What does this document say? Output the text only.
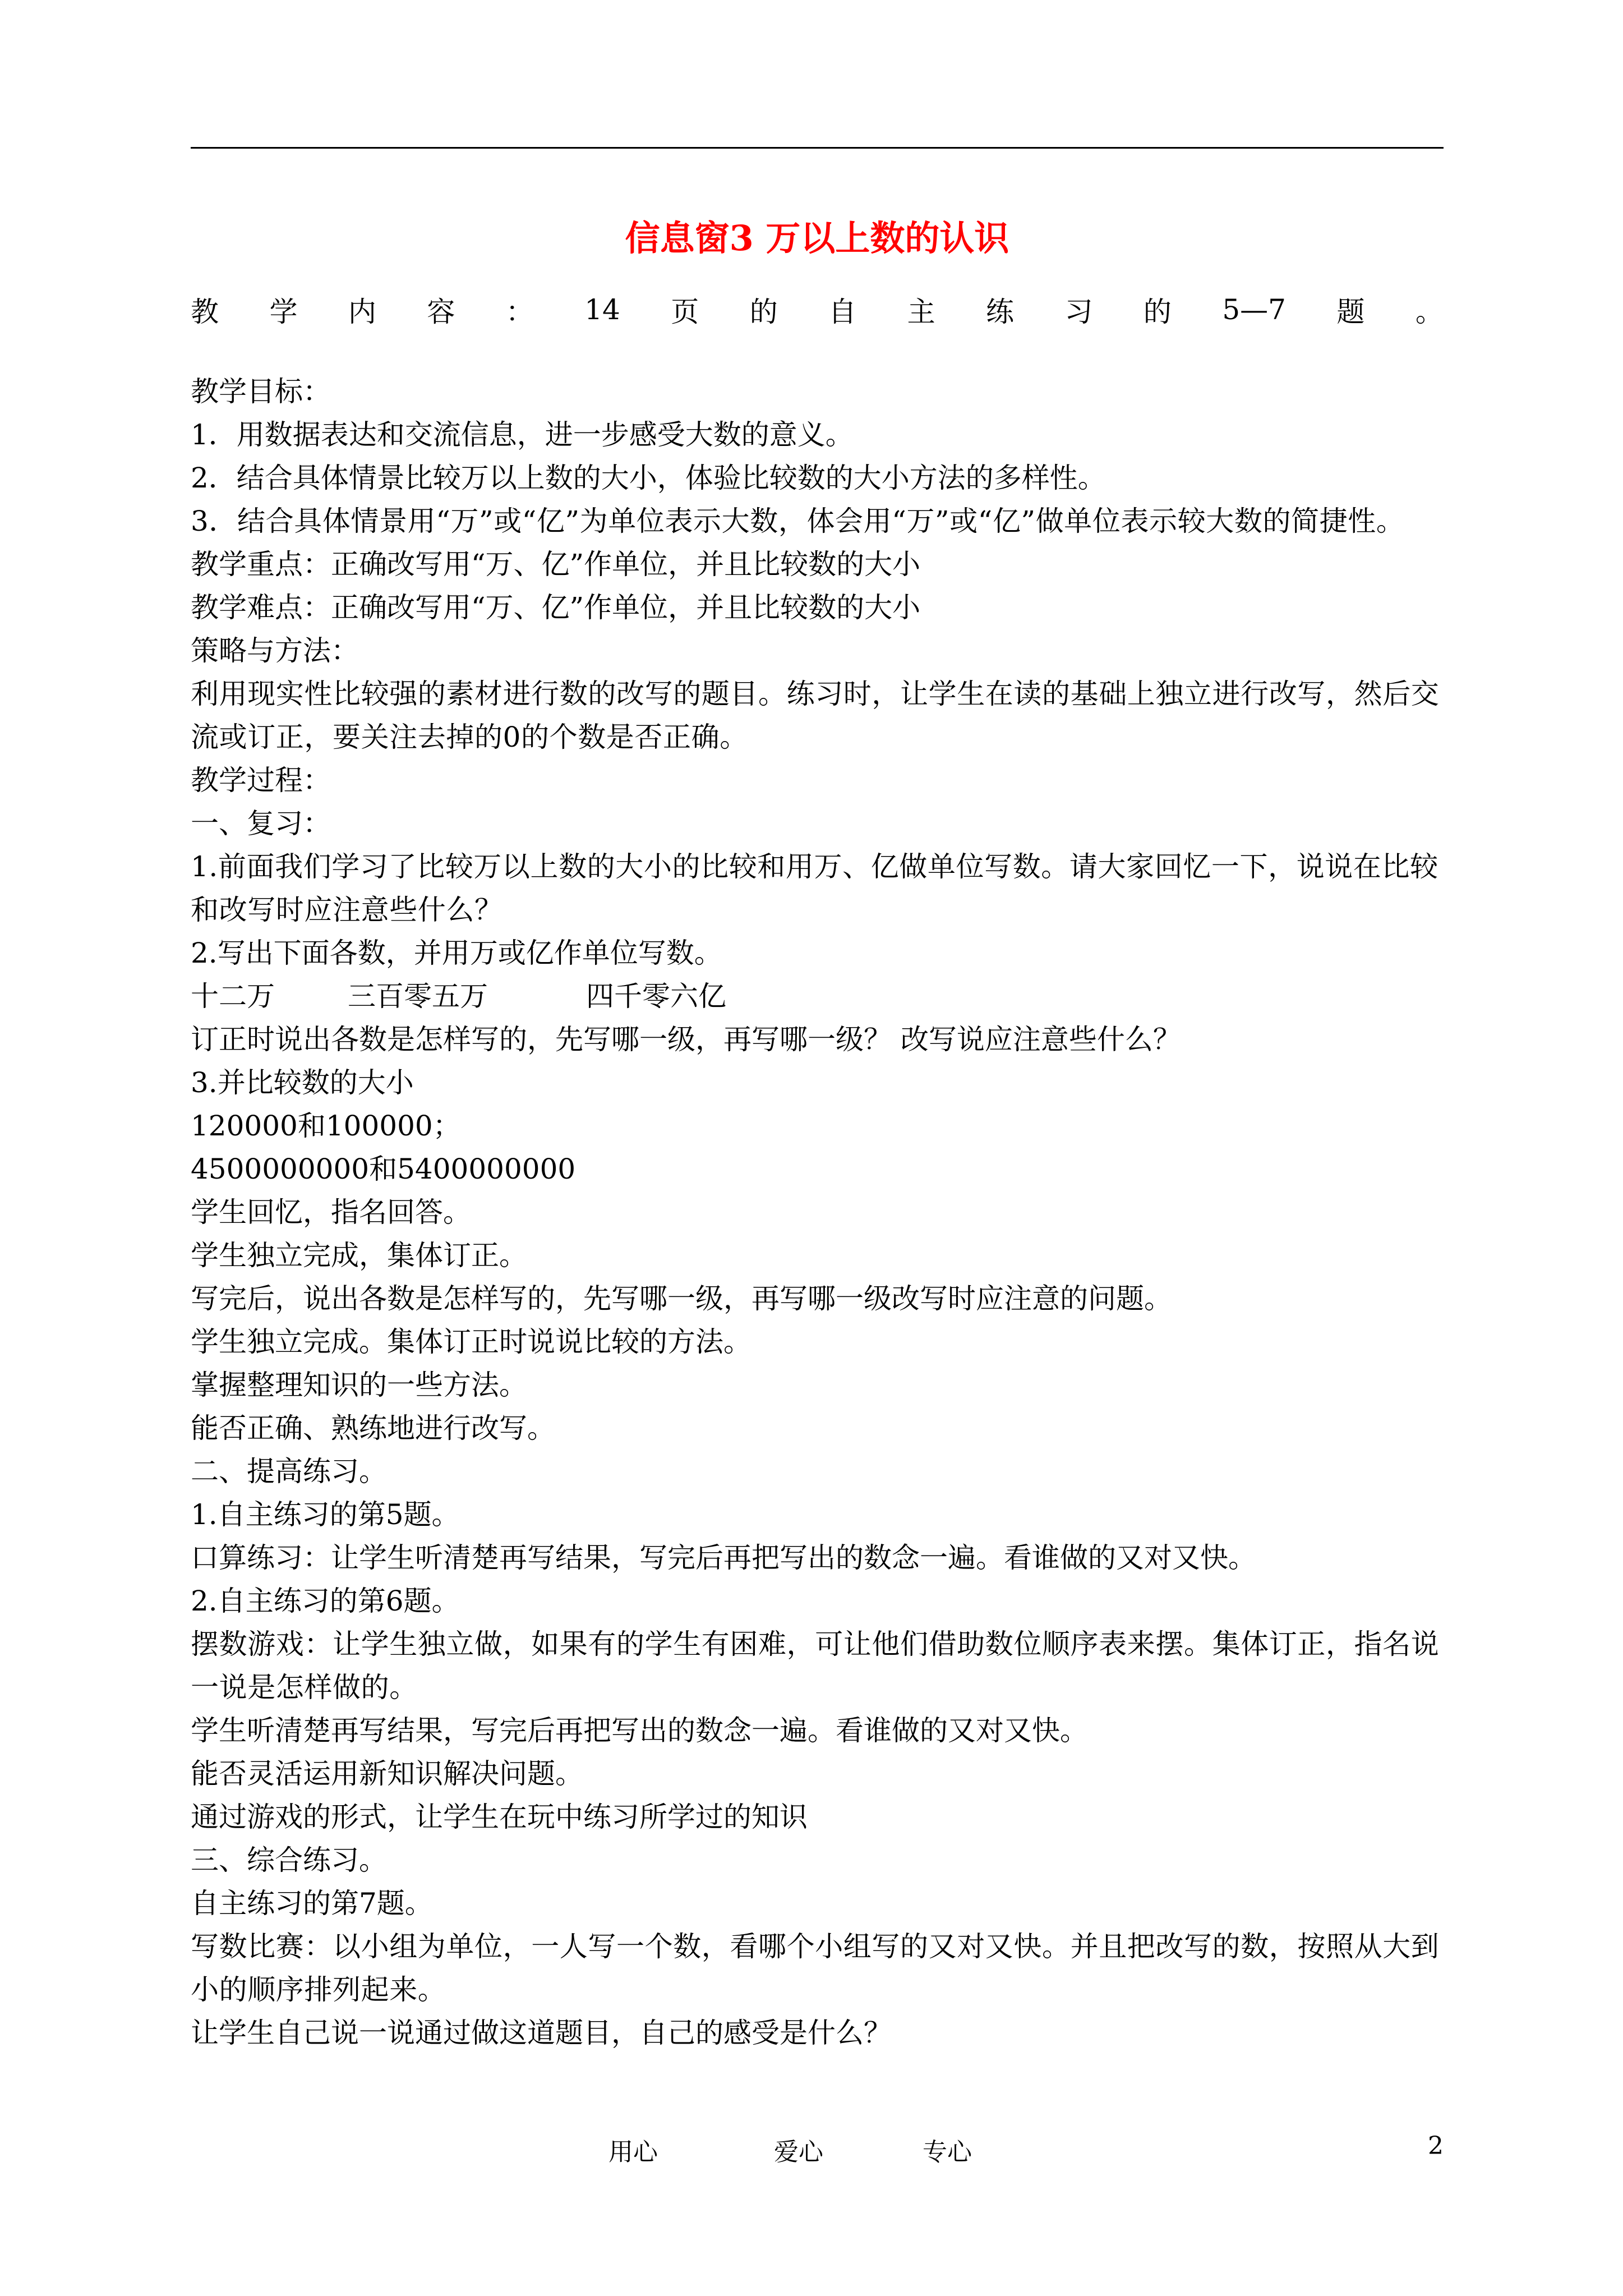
信息窗3 万以上数的认识
教 学 内 容 ： 14 页 的 自 主 练 习 的 5—7 题 。
教学目标：
1．用数据表达和交流信息，进一步感受大数的意义。
2．结合具体情景比较万以上数的大小，体验比较数的大小方法的多样性。
3．结合具体情景用“万”或“亿”为单位表示大数，体会用“万”或“亿”做单位表示较大数的简捷性。
教学重点：正确改写用“万、亿”作单位，并且比较数的大小
教学难点：正确改写用“万、亿”作单位，并且比较数的大小
策略与方法：
利用现实性比较强的素材进行数的改写的题目。练习时，让学生在读的基础上独立进行改写，然后交流或订正，要关注去掉的0的个数是否正确。
教学过程：
一、复习：
1.前面我们学习了比较万以上数的大小的比较和用万、亿做单位写数。请大家回忆一下，说说在比较和改写时应注意些什么？
2.写出下面各数，并用万或亿作单位写数。
十二万	三百零五万	四千零六亿
订正时说出各数是怎样写的，先写哪一级，再写哪一级？ 改写说应注意些什么？
3.并比较数的大小
120000和100000；
4500000000和5400000000
学生回忆，指名回答。
学生独立完成，集体订正。
写完后，说出各数是怎样写的，先写哪一级，再写哪一级改写时应注意的问题。
学生独立完成。集体订正时说说比较的方法。
掌握整理知识的一些方法。
能否正确、熟练地进行改写。
二、提高练习。
1.自主练习的第5题。
口算练习：让学生听清楚再写结果，写完后再把写出的数念一遍。看谁做的又对又快。
2.自主练习的第6题。
摆数游戏：让学生独立做，如果有的学生有困难，可让他们借助数位顺序表来摆。集体订正，指名说一说是怎样做的。
学生听清楚再写结果，写完后再把写出的数念一遍。看谁做的又对又快。
能否灵活运用新知识解决问题。
通过游戏的形式，让学生在玩中练习所学过的知识
三、综合练习。
自主练习的第7题。
写数比赛：以小组为单位，一人写一个数，看哪个小组写的又对又快。并且把改写的数，按照从大到小的顺序排列起来。
让学生自己说一说通过做这道题目，自己的感受是什么？
用心	爱心	专心	2
